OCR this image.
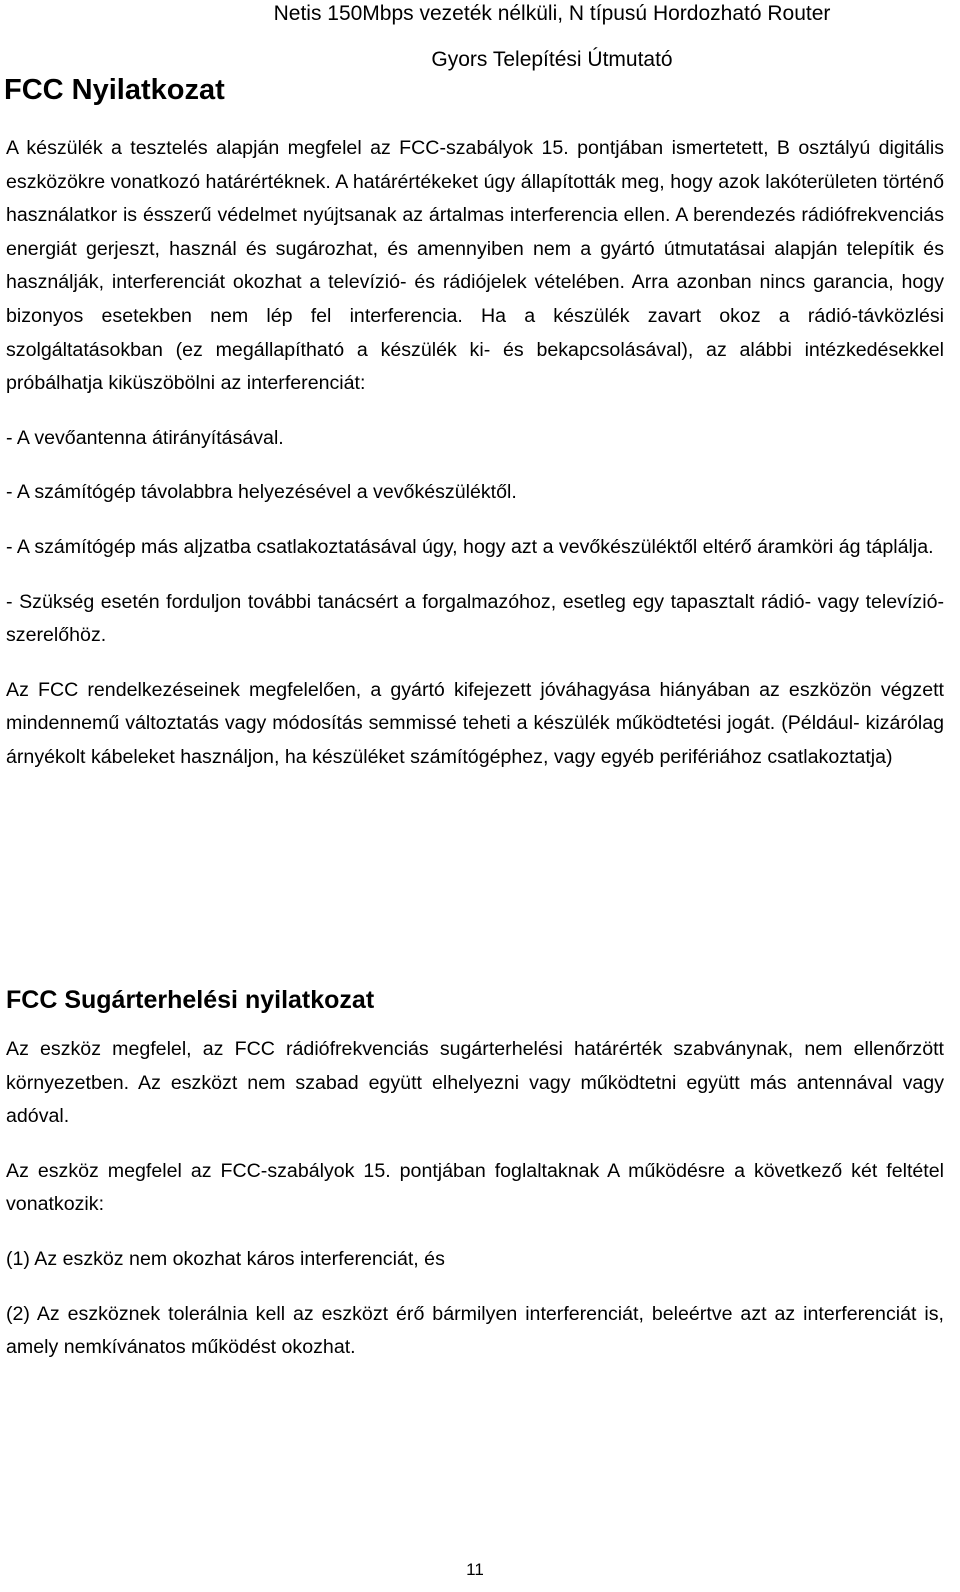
Netis 150Mbps vezeték nélküli, N típusú Hordozható Router
Gyors Telepítési Útmutató
FCC Nyilatkozat

A készülék a tesztelés alapján megfelel az FCC-szabályok 15. pontjában ismertetett, B osztályú digitális eszközökre vonatkozó határértéknek. A határértékeket úgy állapították meg, hogy azok lakóterületen történő használatkor is ésszerű védelmet nyújtsanak az ártalmas interferencia ellen. A berendezés rádiófrekvenciás energiát gerjeszt, használ és sugározhat, és amennyiben nem a gyártó útmutatásai alapján telepítik és használják, interferenciát okozhat a televízió- és rádiójelek vételében. Arra azonban nincs garancia, hogy bizonyos esetekben nem lép fel interferencia. Ha a készülék zavart okoz a rádió-távközlési szolgáltatásokban (ez megállapítható a készülék ki- és bekapcsolásával), az alábbi intézkedésekkel próbálhatja kiküszöbölni az interferenciát:

- A vevőantenna átirányításával.

- A számítógép távolabbra helyezésével a vevőkészüléktől.

- A számítógép más aljzatba csatlakoztatásával úgy, hogy azt a vevőkészüléktől eltérő áramköri ág táplálja.

- Szükség esetén forduljon további tanácsért a forgalmazóhoz, esetleg egy tapasztalt rádió- vagy televízió-szerelőhöz.

Az FCC rendelkezéseinek megfelelően, a gyártó kifejezett jóváhagyása hiányában az eszközön végzett mindennemű változtatás vagy módosítás semmissé teheti a készülék működtetési jogát. (Például- kizárólag árnyékolt kábeleket használjon, ha készüléket számítógéphez, vagy egyéb perifériához csatlakoztatja)

FCC Sugárterhelési nyilatkozat

Az eszköz megfelel, az FCC rádiófrekvenciás sugárterhelési határérték szabványnak, nem ellenőrzött környezetben. Az eszközt nem szabad együtt elhelyezni vagy működtetni együtt más antennával vagy adóval.

Az eszköz megfelel az FCC-szabályok 15. pontjában foglaltaknak A működésre a következő két feltétel vonatkozik:

(1) Az eszköz nem okozhat káros interferenciát, és

(2) Az eszköznek tolerálnia kell az eszközt érő bármilyen interferenciát, beleértve azt az interferenciát is, amely nemkívánatos működést okozhat.

11
